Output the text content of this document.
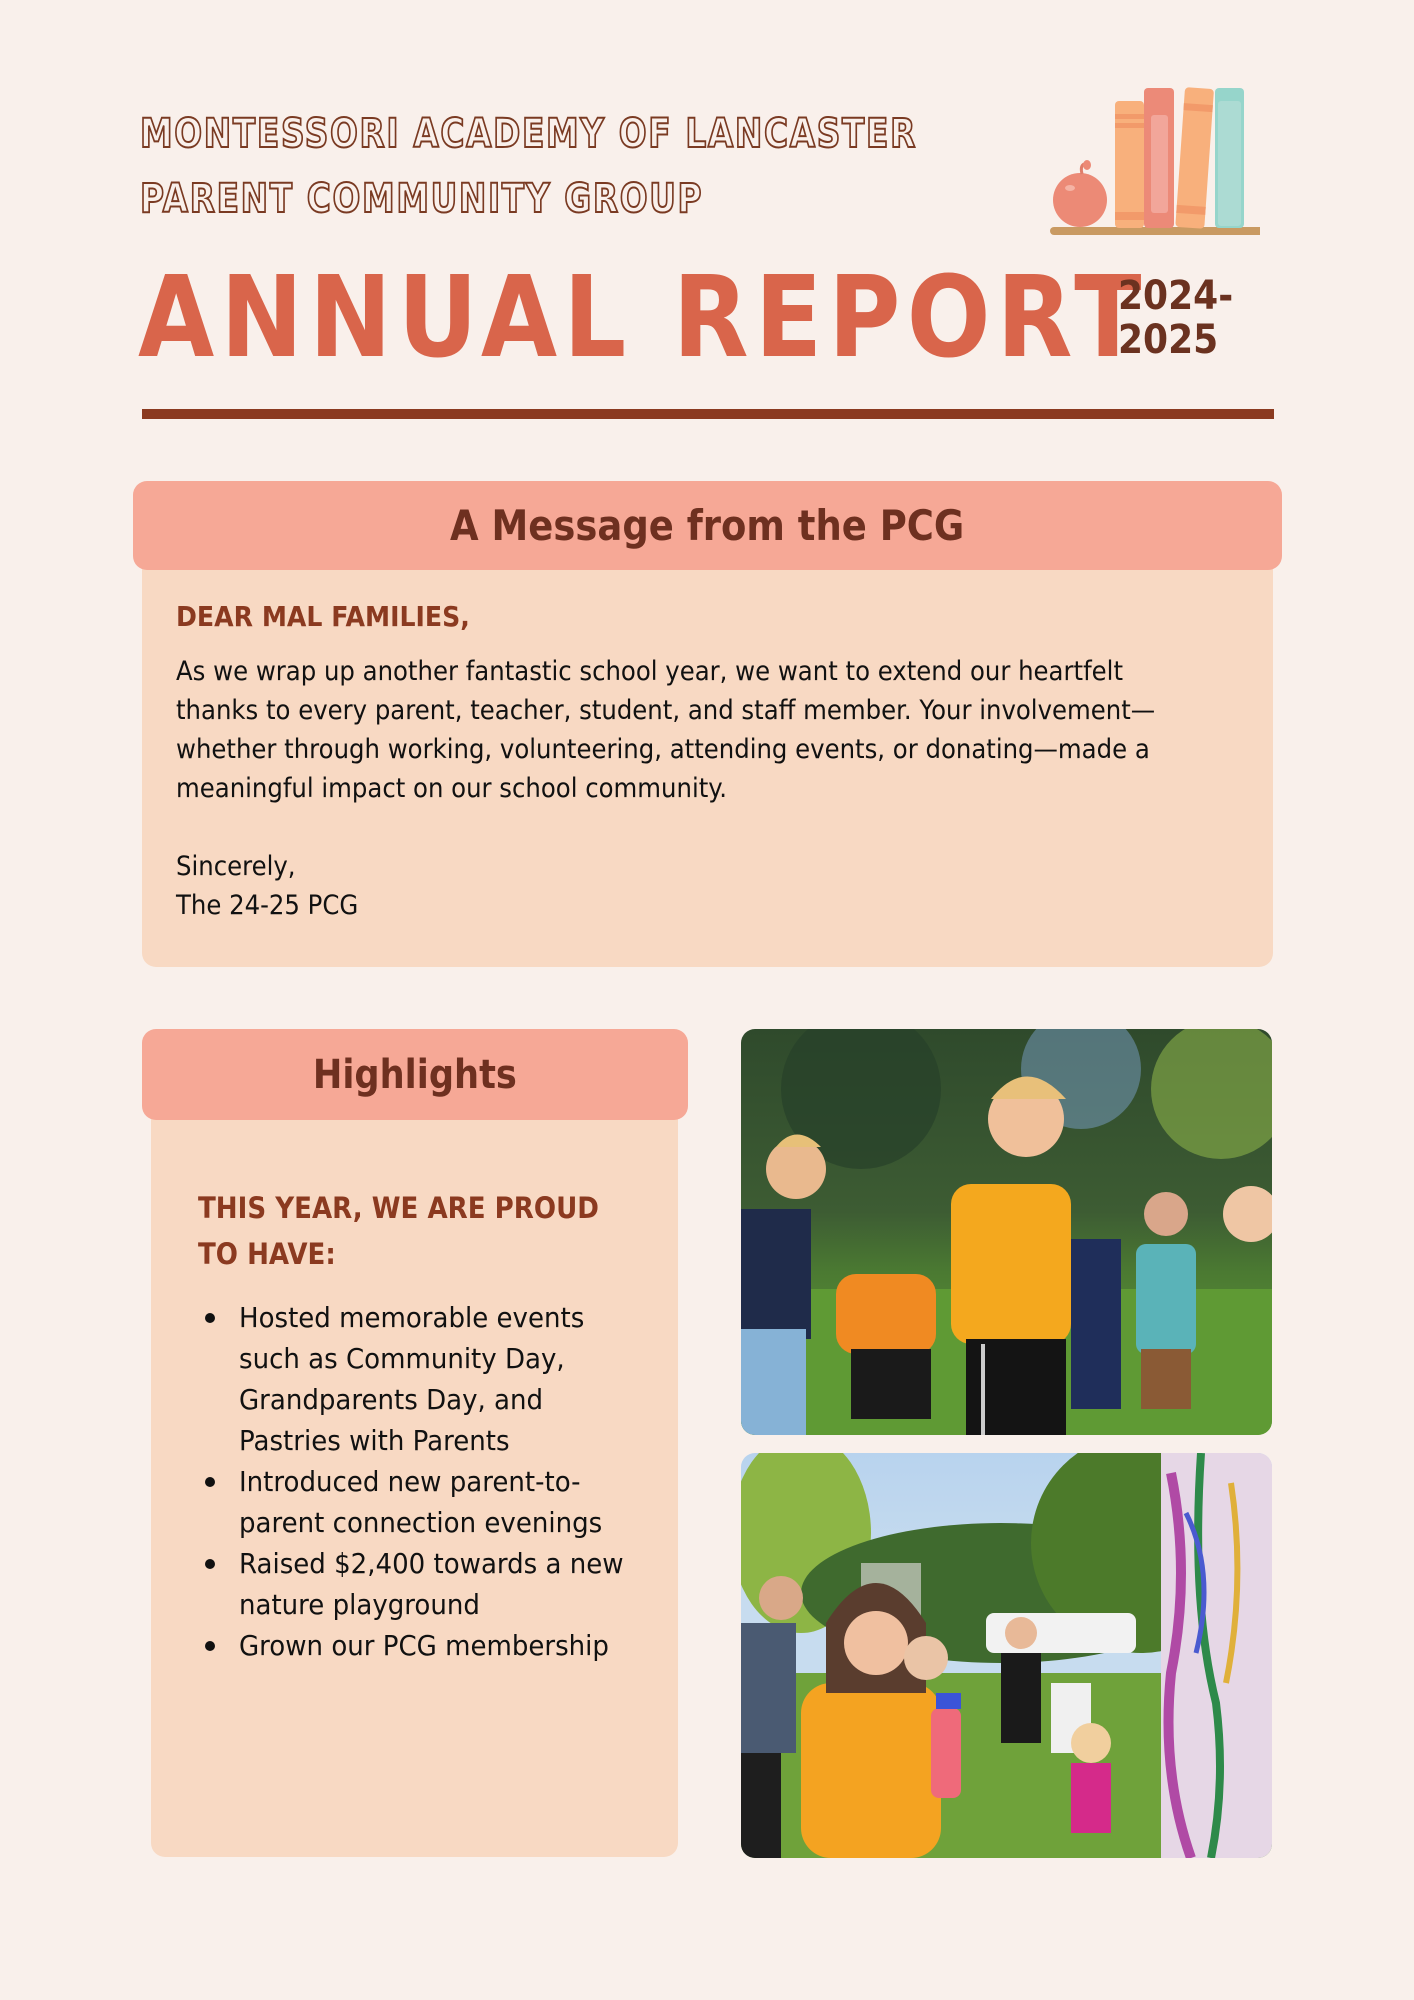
MONTESSORI ACADEMY OF LANCASTER
PARENT COMMUNITY GROUP
ANNUAL REPORT
2024-
2025
A Message from the PCG
DEAR MAL FAMILIES,
As we wrap up another fantastic school year, we want to extend our heartfelt thanks to every parent, teacher, student, and staff member. Your involvement—whether through working, volunteering, attending events, or donating—made a meaningful impact on our school community.
Sincerely,
The 24-25 PCG
Highlights
THIS YEAR, WE ARE PROUD TO HAVE:
Hosted memorable events such as Community Day, Grandparents Day, and Pastries with Parents
Introduced new parent-to-parent connection evenings
Raised $2,400 towards a new nature playground
Grown our PCG membership
